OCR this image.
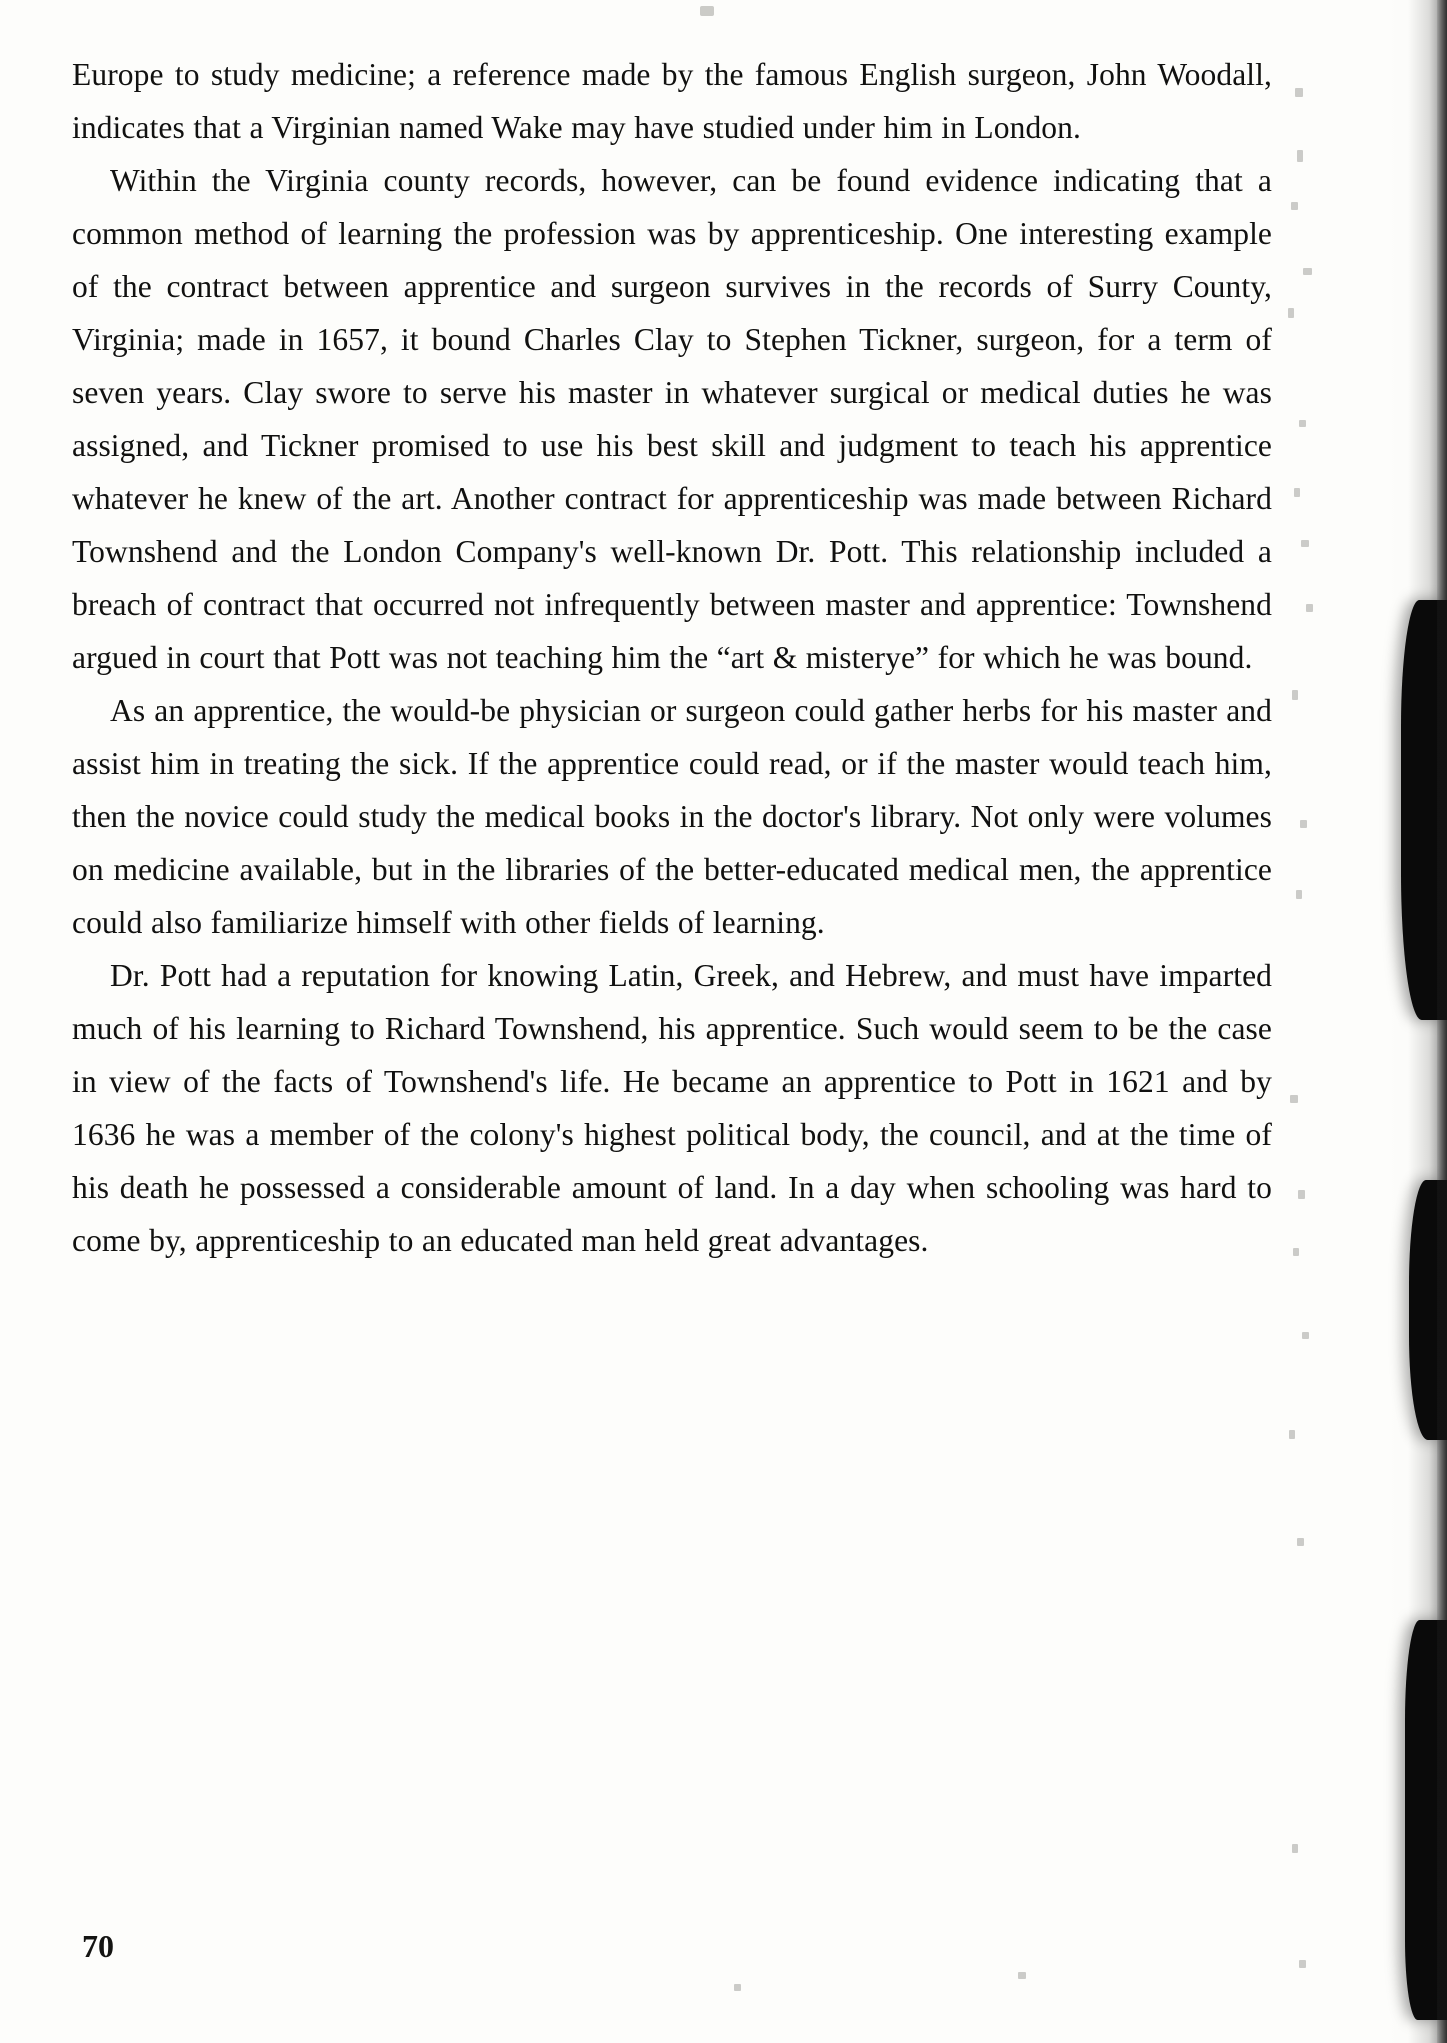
Europe to study medicine; a reference made by the famous English surgeon, John Woodall, indicates that a Virginian named Wake may have studied under him in London.

Within the Virginia county records, however, can be found evidence indicating that a common method of learning the profession was by apprenticeship. One interesting example of the contract between apprentice and surgeon survives in the records of Surry County, Virginia; made in 1657, it bound Charles Clay to Stephen Tickner, surgeon, for a term of seven years. Clay swore to serve his master in whatever surgical or medical duties he was assigned, and Tickner promised to use his best skill and judgment to teach his apprentice whatever he knew of the art. Another contract for apprenticeship was made between Richard Townshend and the London Company's well-known Dr. Pott. This relationship included a breach of contract that occurred not infrequently between master and apprentice: Townshend argued in court that Pott was not teaching him the “art & misterye” for which he was bound.

As an apprentice, the would-be physician or surgeon could gather herbs for his master and assist him in treating the sick. If the apprentice could read, or if the master would teach him, then the novice could study the medical books in the doctor's library. Not only were volumes on medicine available, but in the libraries of the better-educated medical men, the apprentice could also familiarize himself with other fields of learning.

Dr. Pott had a reputation for knowing Latin, Greek, and Hebrew, and must have imparted much of his learning to Richard Townshend, his apprentice. Such would seem to be the case in view of the facts of Townshend's life. He became an apprentice to Pott in 1621 and by 1636 he was a member of the colony's highest political body, the council, and at the time of his death he possessed a considerable amount of land. In a day when schooling was hard to come by, apprenticeship to an educated man held great advantages.

70
